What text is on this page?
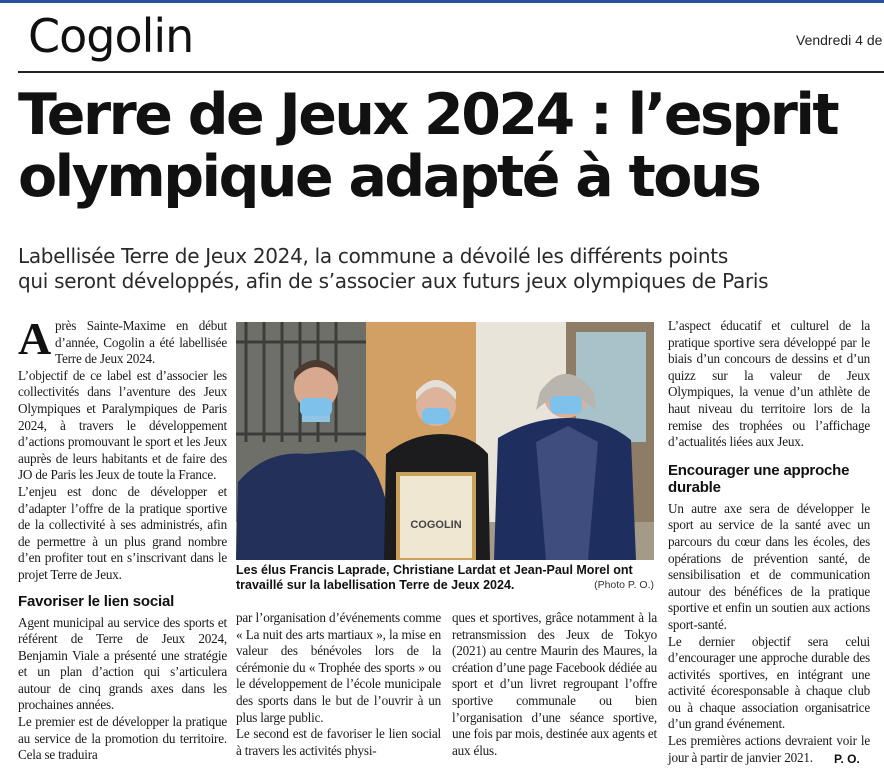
Cogolin	Vendredi 4 de
Terre de Jeux 2024 : l’esprit
olympique adapté à tous
Labellisée Terre de Jeux 2024, la commune a dévoilé les différents points
qui seront développés, afin de s’associer aux futurs jeux olympiques de Paris

Après Sainte-Maxime en début d’année, Cogolin a été labellisée Terre de Jeux 2024.

L’objectif de ce label est d’associer les collectivités dans l’aventure des Jeux Olympiques et Paralympiques de Paris 2024, à travers le développement d’actions promouvant le sport et les Jeux auprès de leurs habitants et de faire des JO de Paris les Jeux de toute la France.

L’enjeu est donc de développer et d’adapter l’offre de la pratique sportive de la collectivité à ses administrés, afin de permettre à un plus grand nombre d’en profiter tout en s’inscrivant dans le projet Terre de Jeux.

Favoriser le lien social

Agent municipal au service des sports et référent de Terre de Jeux 2024, Benjamin Viale a présenté une stratégie et un plan d’action qui s’articulera autour de cinq grands axes dans les prochaines années.

Le premier est de développer la pratique au service de la promotion du territoire. Cela se traduira

COGOLIN
Les élus Francis Laprade, Christiane Lardat et Jean-Paul Morel ont travaillé sur la labellisation Terre de Jeux 2024.	(Photo P. O.)

par l’organisation d’événements comme « La nuit des arts martiaux », la mise en valeur des bénévoles lors de la cérémonie du « Trophée des sports » ou le développement de l’école municipale des sports dans le but de l’ouvrir à un plus large public.

Le second est de favoriser le lien social à travers les activités physi-

ques et sportives, grâce notamment à la retransmission des Jeux de Tokyo (2021) au centre Maurin des Maures, la création d’une page Facebook dédiée au sport et d’un livret regroupant l’offre sportive communale ou bien l’organisation d’une séance sportive, une fois par mois, destinée aux agents et aux élus.

L’aspect éducatif et culturel de la pratique sportive sera développé par le biais d’un concours de dessins et d’un quizz sur la valeur de Jeux Olympiques, la venue d’un athlète de haut niveau du territoire lors de la remise des trophées ou l’affichage d’actualités liées aux Jeux.

Encourager une approche durable

Un autre axe sera de développer le sport au service de la santé avec un parcours du cœur dans les écoles, des opérations de prévention santé, de sensibilisation et de communication autour des bénéfices de la pratique sportive et enfin un soutien aux actions sport-santé.

Le dernier objectif sera celui d’encourager une approche durable des activités sportives, en intégrant une activité écoresponsable à chaque club ou à chaque association organisatrice d’un grand événement.

Les premières actions devraient voir le jour à partir de janvier 2021.	P. O.
